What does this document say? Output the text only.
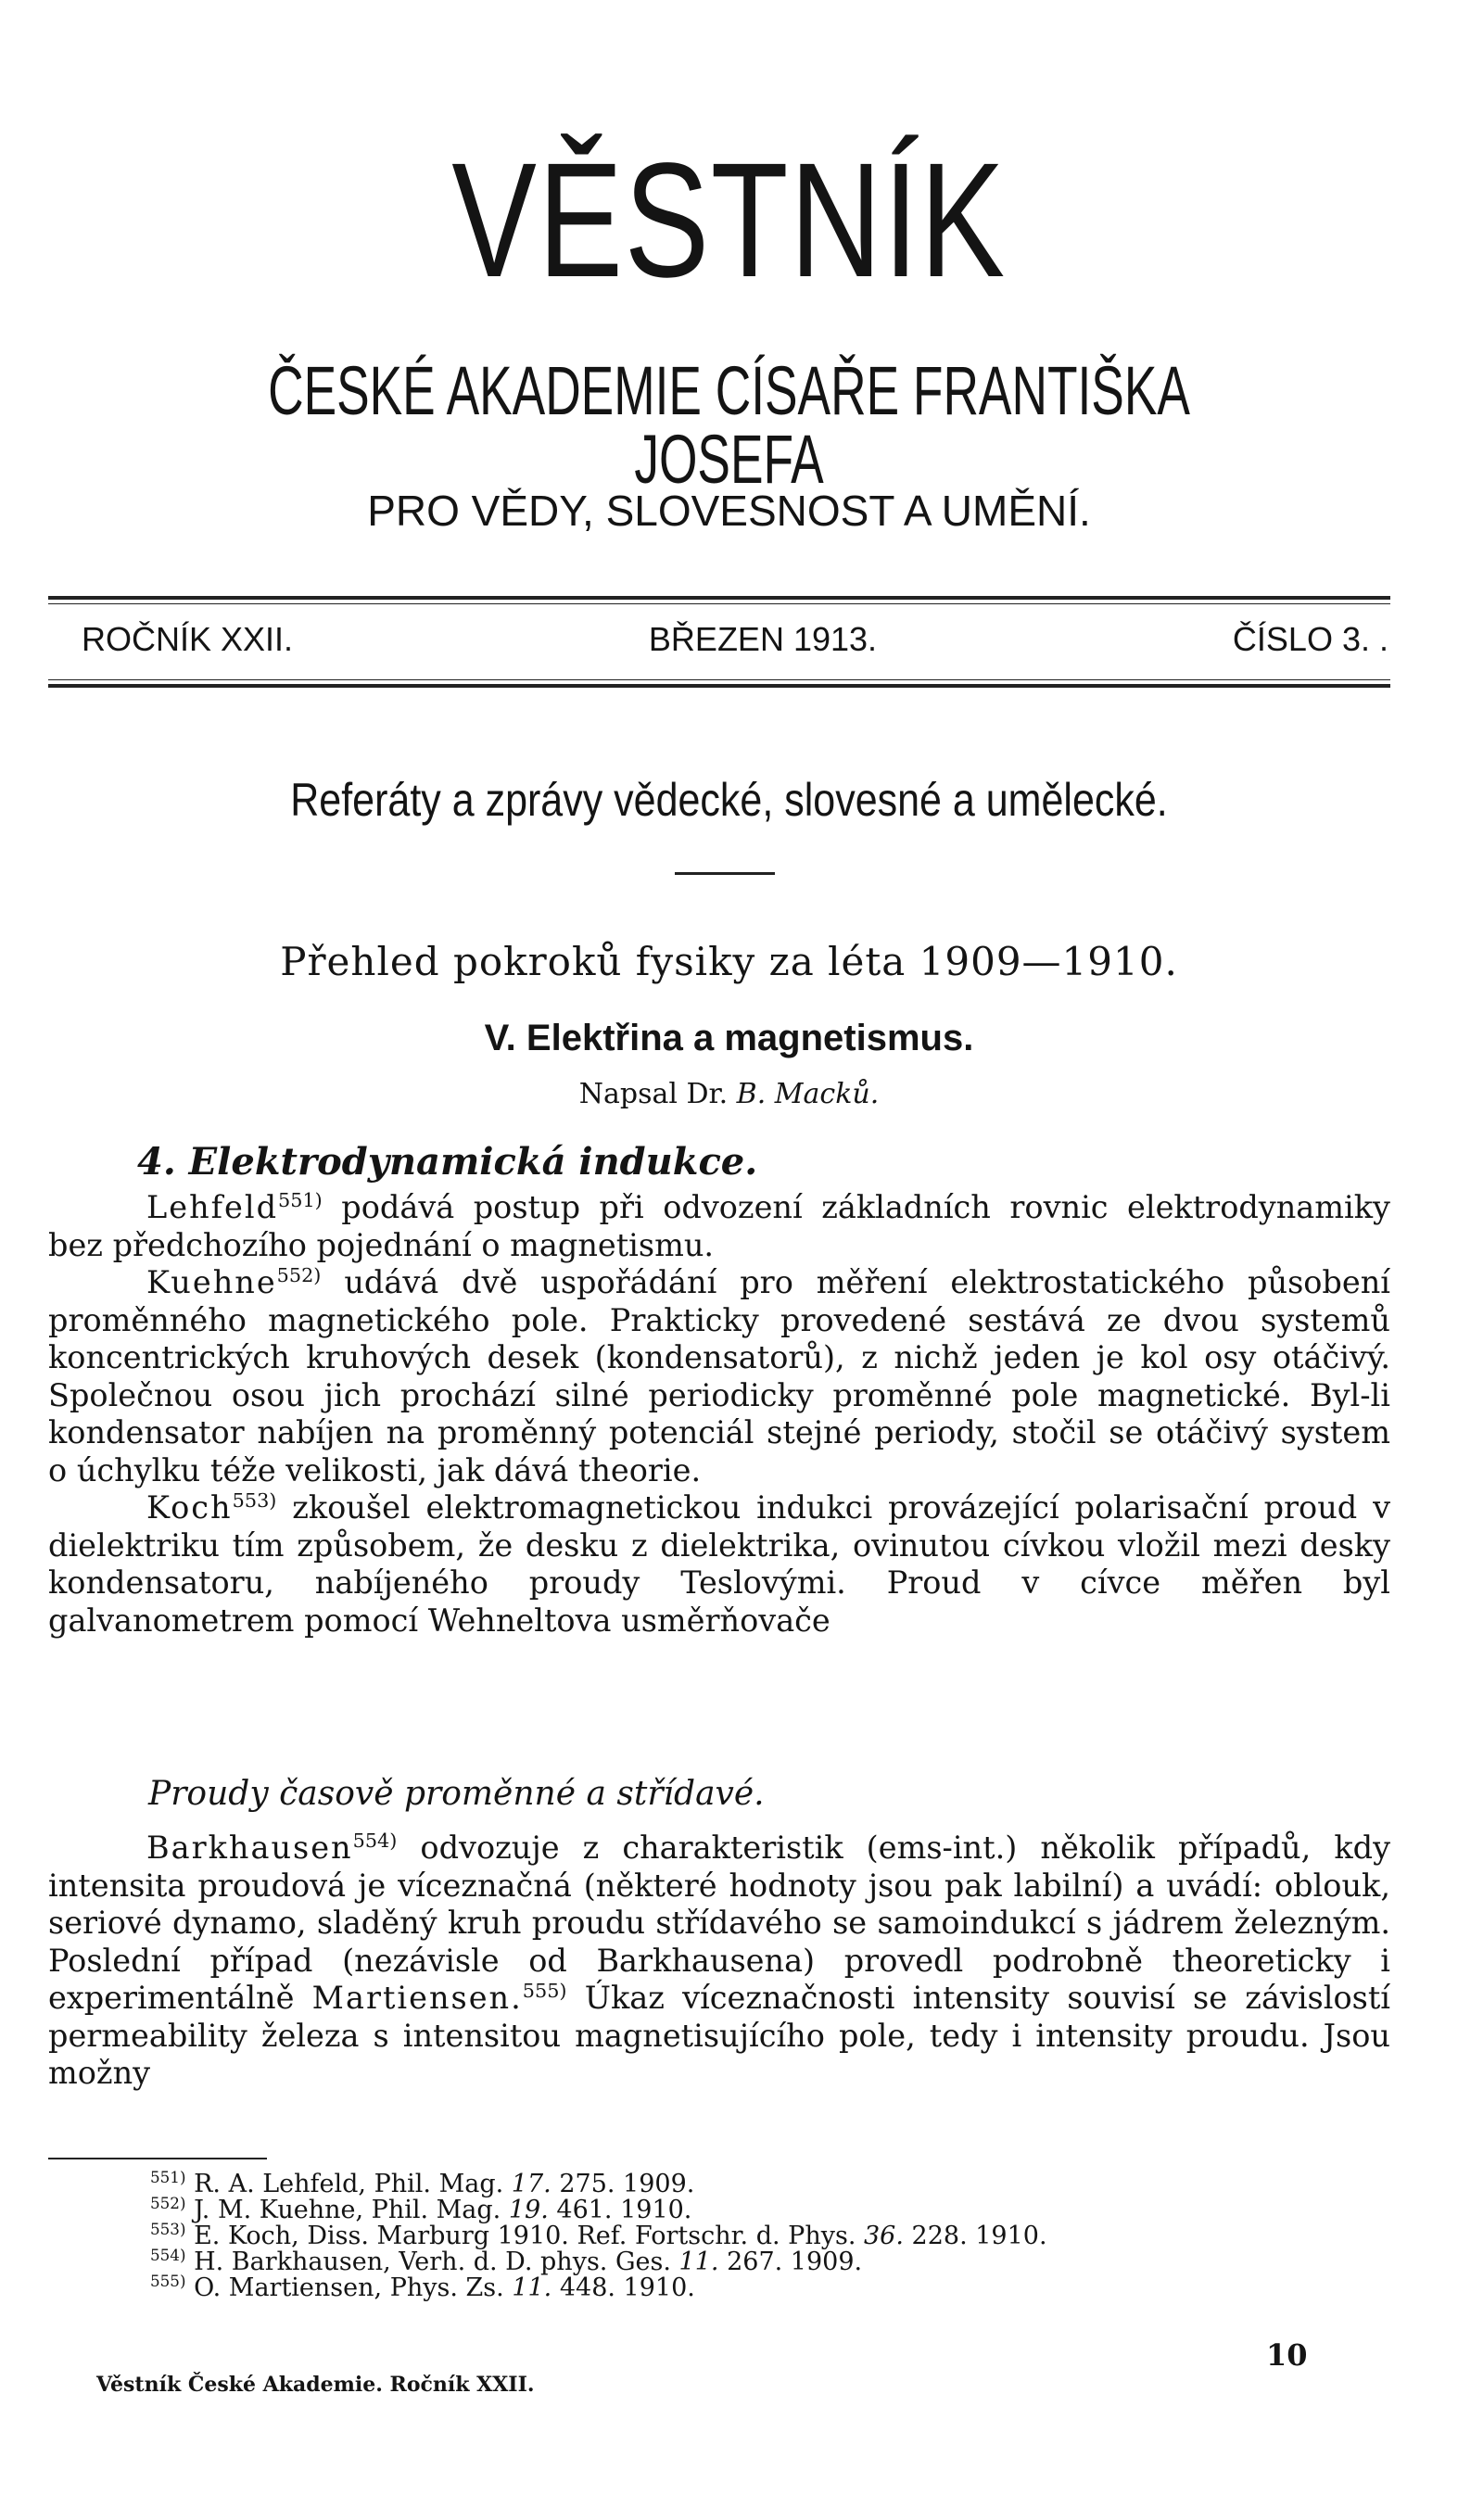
VĚSTNÍK
ČESKÉ AKADEMIE CÍSAŘE FRANTIŠKA JOSEFA
PRO VĚDY, SLOVESNOST A UMĚNÍ.
ROČNÍK XXII.	BŘEZEN 1913.	ČÍSLO 3. .
Referáty a zprávy vědecké, slovesné a umělecké.
Přehled pokroků fysiky za léta 1909—1910.
V. Elektřina a magnetismus.
Napsal Dr. B. Macků.
4. Elektrodynamická indukce.

Lehfeld$^{551)}$ podává postup při odvození základních rovnic elektrodynamiky bez předchozího pojednání o magnetismu.

Kuehne$^{552)}$ udává dvě uspořádání pro měření elektrostatického působení proměnného magnetického pole. Prakticky provedené sestává ze dvou systemů koncentrických kruhových desek (kondensatorů), z nichž jeden je kol osy otáčivý. Společnou osou jich prochází silné periodicky proměnné pole magnetické. Byl-li kondensator nabíjen na proměnný potenciál stejné periody, stočil se otáčivý system o úchylku téže velikosti, jak dává theorie.

Koch$^{553)}$ zkoušel elektromagnetickou indukci provázející polarisační proud v dielektriku tím způsobem, že desku z dielektrika, ovinutou cívkou vložil mezi desky kondensatoru, nabíjeného proudy Teslovými. Proud v cívce měřen byl galvanometrem pomocí Wehneltova usměrňovače

Proudy časově proměnné a střídavé.

Barkhausen$^{554)}$ odvozuje z charakteristik (ems-int.) několik případů, kdy intensita proudová je víceznačná (některé hodnoty jsou pak labilní) a uvádí: oblouk, seriové dynamo, sladěný kruh proudu střídavého se samoindukcí s jádrem železným. Poslední případ (nezávisle od Barkhausena) provedl podrobně theoreticky i experimentálně Martiensen.$^{555)}$ Úkaz víceznačnosti intensity souvisí se závislostí permeability železa s intensitou magnetisujícího pole, tedy i intensity proudu. Jsou možny

$^{551)}$ R. A. Lehfeld, Phil. Mag. 17. 275. 1909.
$^{552)}$ J. M. Kuehne, Phil. Mag. 19. 461. 1910.
$^{553)}$ E. Koch, Diss. Marburg 1910. Ref. Fortschr. d. Phys. 36. 228. 1910.
$^{554)}$ H. Barkhausen, Verh. d. D. phys. Ges. 11. 267. 1909.
$^{555)}$ O. Martiensen, Phys. Zs. 11. 448. 1910.
10
Věstník České Akademie. Ročník XXII.
